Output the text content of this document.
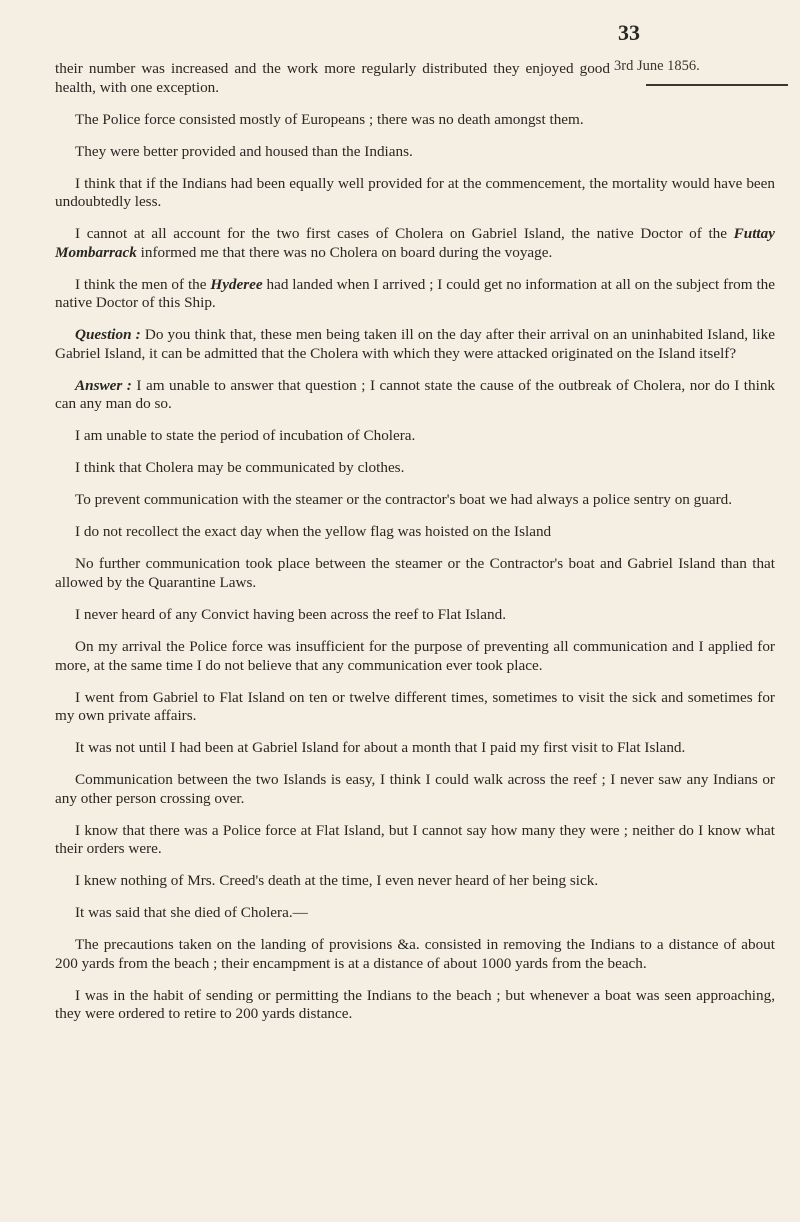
33
3rd June 1856.

their number was increased and the work more regularly distributed they enjoyed good health, with one exception.

The Police force consisted mostly of Europeans ; there was no death amongst them.

They were better provided and housed than the Indians.

I think that if the Indians had been equally well provided for at the commencement, the mortality would have been undoubtedly less.

I cannot at all account for the two first cases of Cholera on Gabriel Island, the native Doctor of the Futtay Mombarrack informed me that there was no Cholera on board during the voyage.

I think the men of the Hyderee had landed when I arrived ; I could get no information at all on the subject from the native Doctor of this Ship.

Question : Do you think that, these men being taken ill on the day after their arrival on an uninhabited Island, like Gabriel Island, it can be admitted that the Cholera with which they were attacked originated on the Island itself?

Answer : I am unable to answer that question ; I cannot state the cause of the outbreak of Cholera, nor do I think can any man do so.

I am unable to state the period of incubation of Cholera.

I think that Cholera may be communicated by clothes.

To prevent communication with the steamer or the contractor's boat we had always a police sentry on guard.

I do not recollect the exact day when the yellow flag was hoisted on the Island

No further communication took place between the steamer or the Contractor's boat and Gabriel Island than that allowed by the Quarantine Laws.

I never heard of any Convict having been across the reef to Flat Island.

On my arrival the Police force was insufficient for the purpose of preventing all communication and I applied for more, at the same time I do not believe that any communication ever took place.

I went from Gabriel to Flat Island on ten or twelve different times, sometimes to visit the sick and sometimes for my own private affairs.

It was not until I had been at Gabriel Island for about a month that I paid my first visit to Flat Island.

Communication between the two Islands is easy, I think I could walk across the reef ; I never saw any Indians or any other person crossing over.

I know that there was a Police force at Flat Island, but I cannot say how many they were ; neither do I know what their orders were.

I knew nothing of Mrs. Creed's death at the time, I even never heard of her being sick.

It was said that she died of Cholera.—

The precautions taken on the landing of provisions &a. consisted in removing the Indians to a distance of about 200 yards from the beach ; their encampment is at a distance of about 1000 yards from the beach.

I was in the habit of sending or permitting the Indians to the beach ; but whenever a boat was seen approaching, they were ordered to retire to 200 yards distance.
